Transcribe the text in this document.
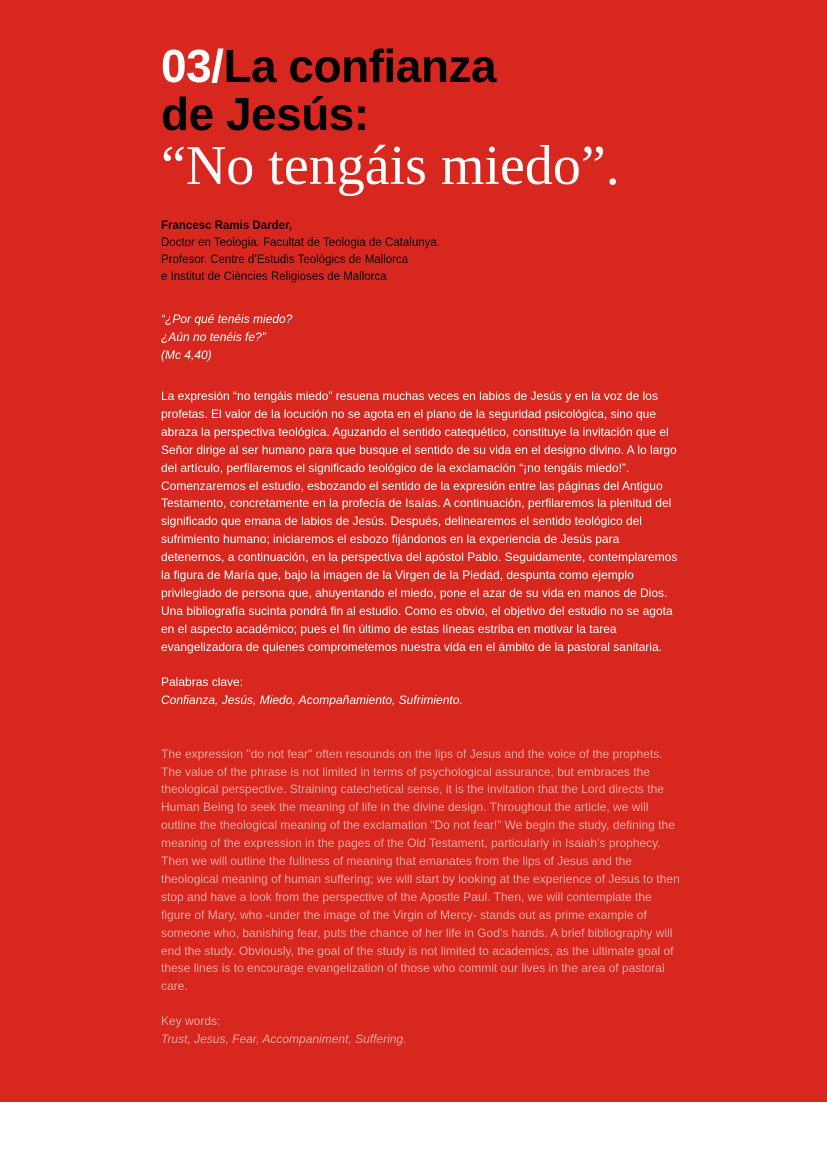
03/La confianza
de Jesús:
“No tengáis miedo”.
Francesc Ramis Darder,
Doctor en Teologia. Facultat de Teologia de Catalunya.
Profesor. Centre d’Estudis Teològics de Mallorca
e Institut de Ciències Religioses de Mallorca
“¿Por qué tenéis miedo?
¿Aún no tenéis fe?”
(Mc 4,40)

La expresión “no tengáis miedo” resuena muchas veces en labios de Jesús y en la voz de los profetas. El valor de la locución no se agota en el plano de la seguridad psicológica, sino que abraza la perspectiva teológica. Aguzando el sentido catequético, constituye la invitación que el Señor dirige al ser humano para que busque el sentido de su vida en el designo divino. A lo largo del artículo, perfilaremos el significado teológico de la exclamación “¡no tengáis miedo!”. Comenzaremos el estudio, esbozando el sentido de la expresión entre las páginas del Antiguo Testamento, concretamente en la profecía de Isaías. A continuación, perfilaremos la plenitud del significado que emana de labios de Jesús. Después, delinearemos el sentido teológico del sufrimiento humano; iniciaremos el esbozo fijándonos en la experiencia de Jesús para detenernos, a continuación, en la perspectiva del apóstol Pablo. Seguidamente, contemplaremos la figura de María que, bajo la imagen de la Virgen de la Piedad, despunta como ejemplo privilegiado de persona que, ahuyentando el miedo, pone el azar de su vida en manos de Dios. Una bibliografía sucinta pondrá fin al estudio. Como es obvio, el objetivo del estudio no se agota en el aspecto académico; pues el fin último de estas líneas estriba en motivar la tarea evangelizadora de quienes comprometemos nuestra vida en el ámbito de la pastoral sanitaria.

Palabras clave:
Confianza, Jesús, Miedo, Acompañamiento, Sufrimiento.

The expression "do not fear" often resounds on the lips of Jesus and the voice of the prophets. The value of the phrase is not limited in terms of psychological assurance, but embraces the theological perspective. Straining catechetical sense, it is the invitation that the Lord directs the Human Being to seek the meaning of life in the divine design. Throughout the article, we will outline the theological meaning of the exclamation “Do not fear!” We begin the study, defining the meaning of the expression in the pages of the Old Testament, particularly in Isaiah’s prophecy. Then we will outline the fullness of meaning that emanates from the lips of Jesus and the theological meaning of human suffering; we will start by looking at the experience of Jesus to then stop and have a look from the perspective of the Apostle Paul. Then, we will contemplate the figure of Mary, who -under the image of the Virgin of Mercy- stands out as prime example of someone who, banishing fear, puts the chance of her life in God’s hands. A brief bibliography will end the study. Obviously, the goal of the study is not limited to academics, as the ultimate goal of these lines is to encourage evangelization of those who commit our lives in the area of pastoral care.

Key words:
Trust, Jesus, Fear, Accompaniment, Suffering.
